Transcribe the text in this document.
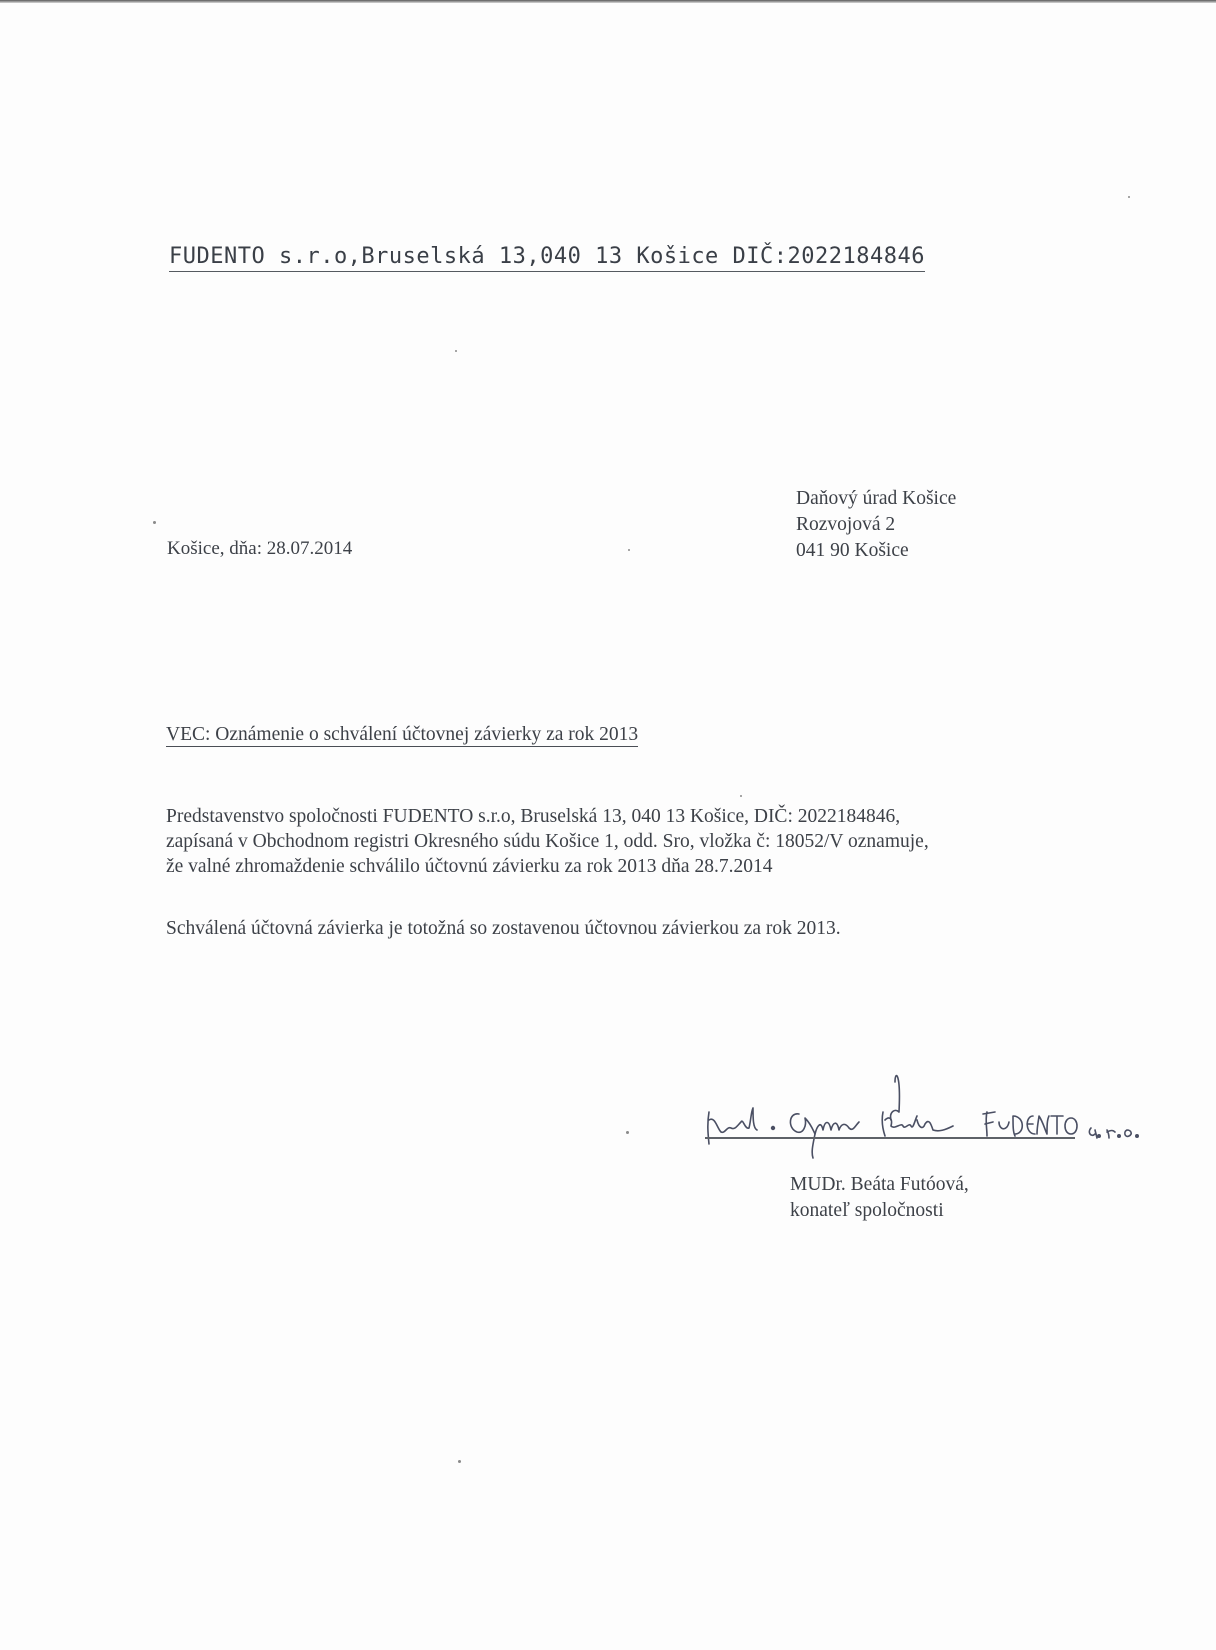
FUDENTO s.r.o,Bruselská 13,040 13 Košice DIČ:2022184846
Košice, dňa: 28.07.2014
Daňový úrad Košice
Rozvojová 2
041 90 Košice
VEC: Oznámenie o schválení účtovnej závierky za rok 2013
Predstavenstvo spoločnosti FUDENTO s.r.o, Bruselská 13, 040 13 Košice, DIČ: 2022184846,
zapísaná v Obchodnom registri Okresného súdu Košice 1, odd. Sro, vložka č: 18052/V oznamuje,
že valné zhromaždenie schválilo účtovnú závierku za rok 2013 dňa 28.7.2014
Schválená účtovná závierka je totožná so zostavenou účtovnou závierkou za rok 2013.
MUDr. Beáta Futóová,
konateľ spoločnosti
